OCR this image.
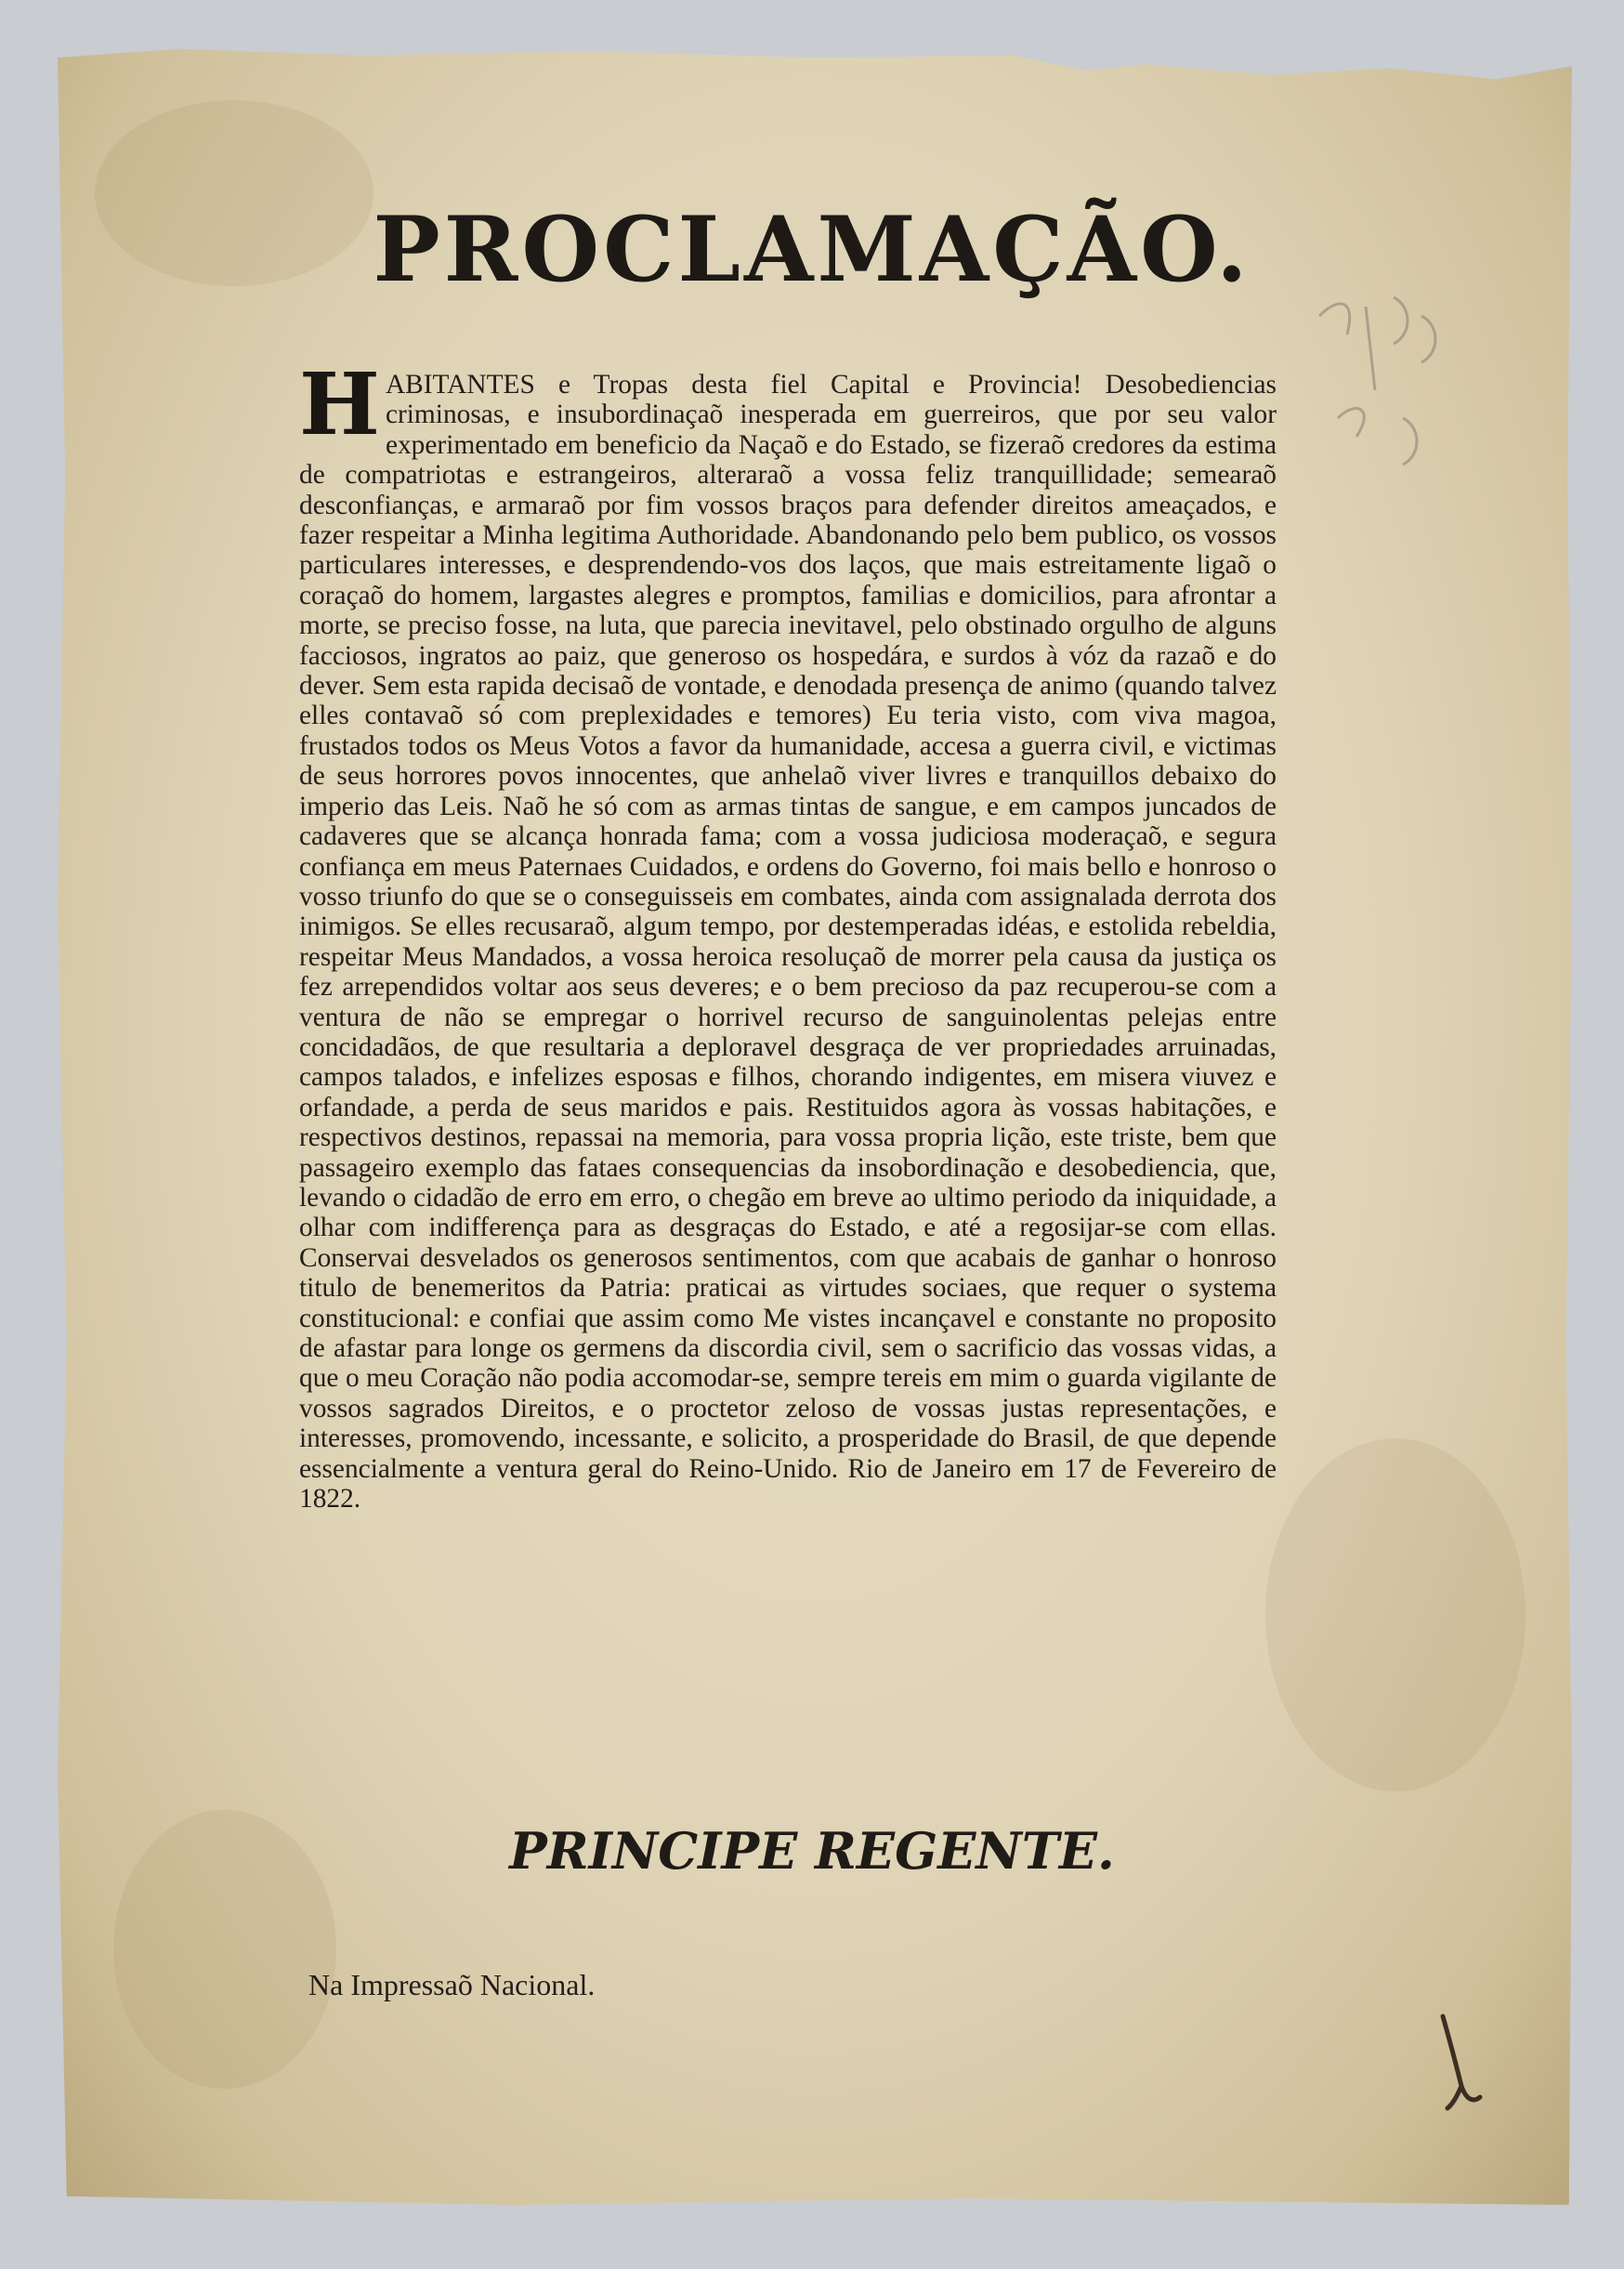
PROCLAMAÇÃO.

HABITANTES e Tropas desta fiel Capital e Provincia! Desobediencias criminosas, e insubordinaçaõ inesperada em guerreiros, que por seu valor experimentado em beneficio da Naçaõ e do Estado, se fizeraõ credores da estima de compatriotas e estrangeiros, alteraraõ a vossa feliz tranquillidade; semearaõ desconfianças, e armaraõ por fim vossos braços para defender direitos ameaçados, e fazer respeitar a Minha legitima Authoridade. Abandonando pelo bem publico, os vossos particulares interesses, e desprendendo-vos dos laços, que mais estreitamente ligaõ o coraçaõ do homem, largastes alegres e promptos, familias e domicilios, para afrontar a morte, se preciso fosse, na luta, que parecia inevitavel, pelo obstinado orgulho de alguns facciosos, ingratos ao paiz, que generoso os hospedára, e surdos à vóz da razaõ e do dever. Sem esta rapida decisaõ de vontade, e denodada presença de animo (quando talvez elles contavaõ só com preplexidades e temores) Eu teria visto, com viva magoa, frustados todos os Meus Votos a favor da humanidade, accesa a guerra civil, e victimas de seus horrores povos innocentes, que anhelaõ viver livres e tranquillos debaixo do imperio das Leis. Naõ he só com as armas tintas de sangue, e em campos juncados de cadaveres que se alcança honrada fama; com a vossa judiciosa moderaçaõ, e segura confiança em meus Paternaes Cuidados, e ordens do Governo, foi mais bello e honroso o vosso triunfo do que se o conseguisseis em combates, ainda com assignalada derrota dos inimigos. Se elles recusaraõ, algum tempo, por destemperadas idéas, e estolida rebeldia, respeitar Meus Mandados, a vossa heroica resoluçaõ de morrer pela causa da justiça os fez arrependidos voltar aos seus deveres; e o bem precioso da paz recuperou-se com a ventura de não se empregar o horrivel recurso de sanguinolentas pelejas entre concidadãos, de que resultaria a deploravel desgraça de ver propriedades arruinadas, campos talados, e infelizes esposas e filhos, chorando indigentes, em misera viuvez e orfandade, a perda de seus maridos e pais. Restituidos agora às vossas habitações, e respectivos destinos, repassai na memoria, para vossa propria lição, este triste, bem que passageiro exemplo das fataes consequencias da insobordinação e desobediencia, que, levando o cidadão de erro em erro, o chegão em breve ao ultimo periodo da iniquidade, a olhar com indifferença para as desgraças do Estado, e até a regosijar-se com ellas. Conservai desvelados os generosos sentimentos, com que acabais de ganhar o honroso titulo de benemeritos da Patria: praticai as virtudes sociaes, que requer o systema constitucional: e confiai que assim como Me vistes incançavel e constante no proposito de afastar para longe os germens da discordia civil, sem o sacrificio das vossas vidas, a que o meu Coração não podia accomodar-se, sempre tereis em mim o guarda vigilante de vossos sagrados Direitos, e o proctetor zeloso de vossas justas representações, e interesses, promovendo, incessante, e solicito, a prosperidade do Brasil, de que depende essencialmente a ventura geral do Reino-Unido. Rio de Janeiro em 17 de Fevereiro de 1822.

PRINCIPE REGENTE.
Na Impressaõ Nacional.
